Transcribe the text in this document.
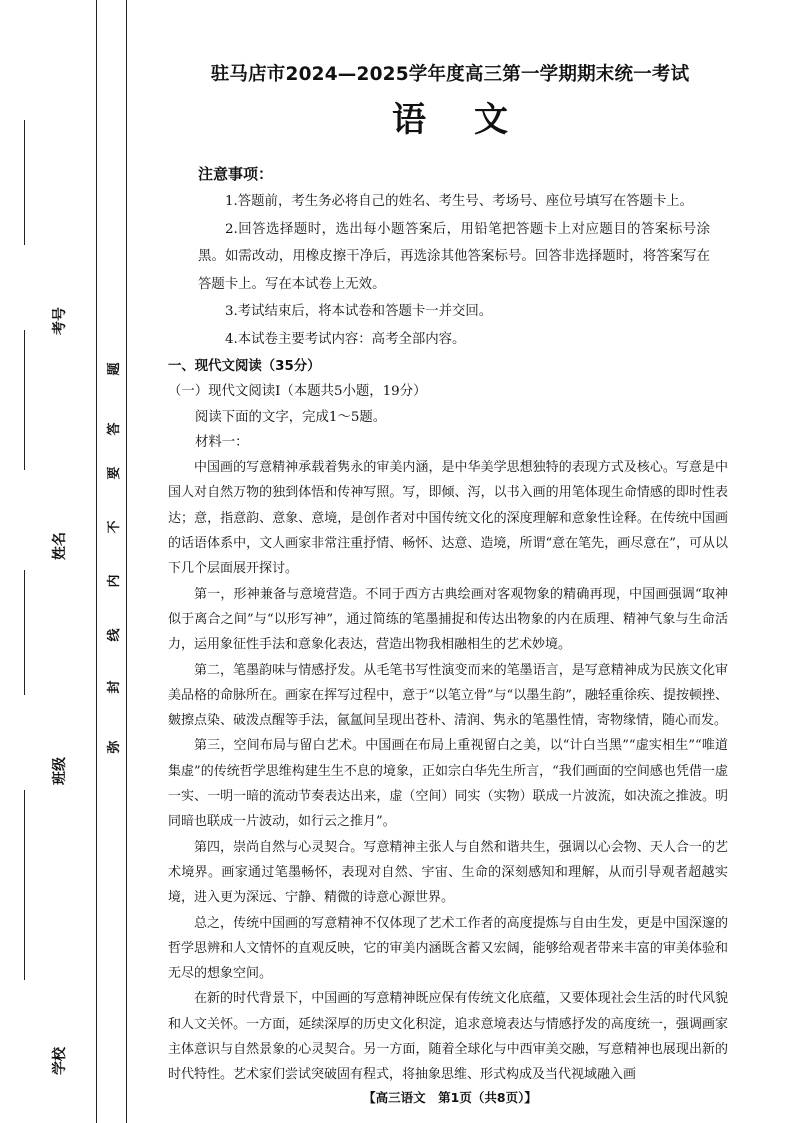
考号
姓名
班级
学校
弥
封
线
内
不
要
答
题
驻马店市2024—2025学年度高三第一学期期末统一考试
语文
注意事项：

1.答题前，考生务必将自己的姓名、考生号、考场号、座位号填写在答题卡上。

2.回答选择题时，选出每小题答案后，用铅笔把答题卡上对应题目的答案标号涂黑。如需改动，用橡皮擦干净后，再选涂其他答案标号。回答非选择题时，将答案写在答题卡上。写在本试卷上无效。

3.考试结束后，将本试卷和答题卡一并交回。

4.本试卷主要考试内容：高考全部内容。

一、现代文阅读（35分）
（一）现代文阅读Ⅰ（本题共5小题，19分）
阅读下面的文字，完成1～5题。
材料一：

中国画的写意精神承载着隽永的审美内涵，是中华美学思想独特的表现方式及核心。写意是中国人对自然万物的独到体悟和传神写照。写，即倾、泻，以书入画的用笔体现生命情感的即时性表达；意，指意韵、意象、意境，是创作者对中国传统文化的深度理解和意象性诠释。在传统中国画的话语体系中，文人画家非常注重抒情、畅怀、达意、造境，所谓“意在笔先，画尽意在”，可从以下几个层面展开探讨。

第一，形神兼备与意境营造。不同于西方古典绘画对客观物象的精确再现，中国画强调“取神似于离合之间”与“以形写神”，通过简练的笔墨捕捉和传达出物象的内在质理、精神气象与生命活力，运用象征性手法和意象化表达，营造出物我相融相生的艺术妙境。

第二，笔墨韵味与情感抒发。从毛笔书写性演变而来的笔墨语言，是写意精神成为民族文化审美品格的命脉所在。画家在挥写过程中，意于“以笔立骨”与“以墨生韵”，融轻重徐疾、提按顿挫、皴擦点染、破泼点醒等手法，氤氲间呈现出苍朴、清润、隽永的笔墨性情，寄物缘情，随心而发。

第三，空间布局与留白艺术。中国画在布局上重视留白之美，以“计白当黑”“虚实相生”“唯道集虚”的传统哲学思维构建生生不息的境象，正如宗白华先生所言，“我们画面的空间感也凭借一虚一实、一明一暗的流动节奏表达出来，虚（空间）同实（实物）联成一片波流，如决流之推波。明同暗也联成一片波动，如行云之推月”。

第四，崇尚自然与心灵契合。写意精神主张人与自然和谐共生，强调以心会物、天人合一的艺术境界。画家通过笔墨畅怀，表现对自然、宇宙、生命的深刻感知和理解，从而引导观者超越实境，进入更为深远、宁静、精微的诗意心源世界。

总之，传统中国画的写意精神不仅体现了艺术工作者的高度提炼与自由生发，更是中国深邃的哲学思辨和人文情怀的直观反映，它的审美内涵既含蓄又宏阔，能够给观者带来丰富的审美体验和无尽的想象空间。

在新的时代背景下，中国画的写意精神既应保有传统文化底蕴，又要体现社会生活的时代风貌和人文关怀。一方面，延续深厚的历史文化积淀，追求意境表达与情感抒发的高度统一，强调画家主体意识与自然景象的心灵契合。另一方面，随着全球化与中西审美交融，写意精神也展现出新的时代特性。艺术家们尝试突破固有程式，将抽象思维、形式构成及当代视域融入画

【高三语文　第1页（共8页）】
